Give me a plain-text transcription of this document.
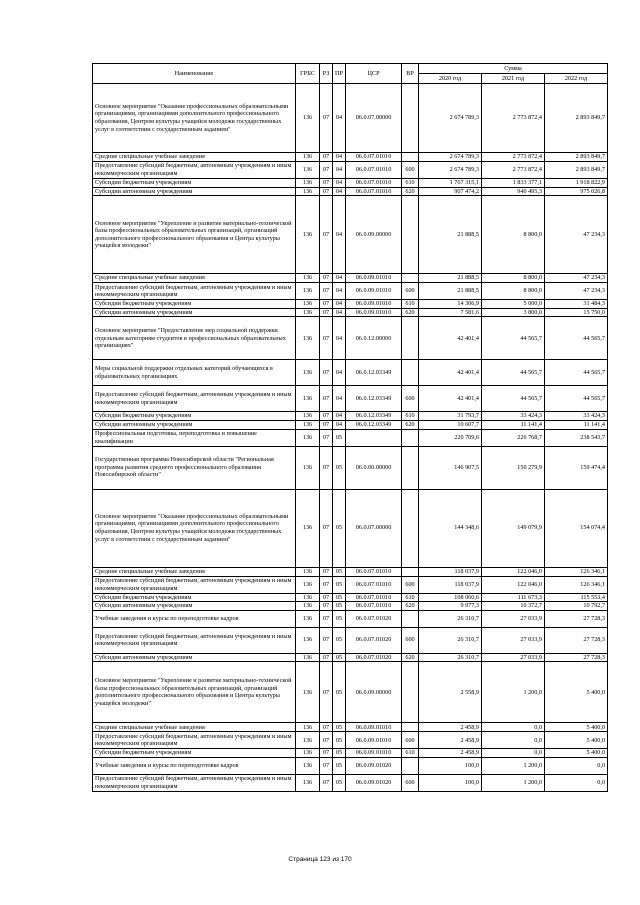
Наименование	ГРБС	РЗ	ПР	ЦСР	ВР	Сумма		
						2020 год	2021 год	2022 год
Основное мероприятие "Оказание профессиональных образовательными организациями, организациями дополнительного профессионального образования, Центром культуры учащейся молодежи государственных услуг в соответствии с государственным заданием"	136	07	04	06.0.07.00000		2 674 789,3	2 773 872,4	2 893 849,7
Средние специальные учебные заведения	136	07	04	06.0.07.01010		2 674 789,3	2 773 872,4	2 893 849,7
Предоставление субсидий бюджетным, автономным учреждениям и иным некоммерческим организациям	136	07	04	06.0.07.01010	600	2 674 789,3	2 773 872,4	2 893 849,7
Субсидии бюджетным учреждениям	136	07	04	06.0.07.01010	610	1 767 315,1	1 833 377,1	1 918 822,9
Субсидии автономным учреждениям	136	07	04	06.0.07.01010	620	907 474,2	940 495,3	975 026,8
Основное мероприятие "Укрепление и развитие материально-технической базы профессиональных образовательных организаций, организаций дополнительного профессионального образования и Центра культуры учащейся молодежи"	136	07	04	06.0.09.00000		21 888,5	8 800,0	47 234,3
Средние специальные учебные заведения	136	07	04	06.0.09.01010		21 888,5	8 800,0	47 234,3
Предоставление субсидий бюджетным, автономным учреждениям и иным некоммерческим организациям	136	07	04	06.0.09.01010	600	21 888,5	8 800,0	47 234,3
Субсидии бюджетным учреждениям	136	07	04	06.0.09.01010	610	14 306,9	5 000,0	31 484,3
Субсидии автономным учреждениям	136	07	04	06.0.09.01010	620	7 581,6	3 800,0	15 750,0
Основное мероприятие "Предоставление мер социальной поддержки отдельным категориям студентов в профессиональных образовательных организациях"	136	07	04	06.0.12.00000		42 401,4	44 565,7	44 565,7
Меры социальной поддержки отдельных категорий обучающихся в образовательных организациях	136	07	04	06.0.12.03349		42 401,4	44 565,7	44 565,7
Предоставление субсидий бюджетным, автономным учреждениям и иным некоммерческим организациям	136	07	04	06.0.12.03349	600	42 401,4	44 565,7	44 565,7
Субсидии бюджетным учреждениям	136	07	04	06.0.12.03349	610	31 793,7	33 424,3	33 424,3
Субсидии автономным учреждениям	136	07	04	06.0.12.03349	620	10 607,7	11 141,4	11 141,4
Профессиональная подготовка, переподготовка и повышение квалификации	136	07	05			220 709,6	226 768,7	238 543,7
Государственная программа Новосибирской области "Региональная программа развития среднего профессионального образования Новосибирской области"	136	07	05	06.0.00.00000		146 907,5	150 279,9	159 474,4
Основное мероприятие "Оказание профессиональных образовательными организациями, организациями дополнительного профессионального образования, Центром культуры учащейся молодежи государственных услуг в соответствии с государственным заданием"	136	07	05	06.0.07.00000		144 348,6	149 079,9	154 074,4
Средние специальные учебные заведения	136	07	05	06.0.07.01010		118 037,9	122 046,0	126 346,1
Предоставление субсидий бюджетным, автономным учреждениям и иным некоммерческим организациям	136	07	05	06.0.07.01010	600	118 037,9	122 046,0	126 346,1
Субсидии бюджетным учреждениям	136	07	05	06.0.07.01010	610	108 060,6	111 673,3	115 553,4
Субсидии автономным учреждениям	136	07	05	06.0.07.01010	620	9 977,3	10 372,7	10 792,7
Учебные заведения и курсы по переподготовке кадров	136	07	05	06.0.07.01020		26 310,7	27 033,9	27 728,3
Предоставление субсидий бюджетным, автономным учреждениям и иным некоммерческим организациям	136	07	05	06.0.07.01020	600	26 310,7	27 033,9	27 728,3
Субсидии автономным учреждениям	136	07	05	06.0.07.01020	620	26 310,7	27 033,9	27 728,3
Основное мероприятие "Укрепление и развитие материально-технической базы профессиональных образовательных организаций, организаций дополнительного профессионального образования и Центра культуры учащейся молодежи"	136	07	05	06.0.09.00000		2 558,9	1 200,0	5 400,0
Средние специальные учебные заведения	136	07	05	06.0.09.01010		2 458,9	0,0	5 400,0
Предоставление субсидий бюджетным, автономным учреждениям и иным некоммерческим организациям	136	07	05	06.0.09.01010	600	2 458,9	0,0	5 400,0
Субсидии бюджетным учреждениям	136	07	05	06.0.09.01010	610	2 458,9	0,0	5 400,0
Учебные заведения и курсы по переподготовке кадров	136	07	05	06.0.09.01020		100,0	1 200,0	0,0
Предоставление субсидий бюджетным, автономным учреждениям и иным некоммерческим организациям	136	07	05	06.0.09.01020	600	100,0	1 200,0	0,0
Страница 123 из 170
